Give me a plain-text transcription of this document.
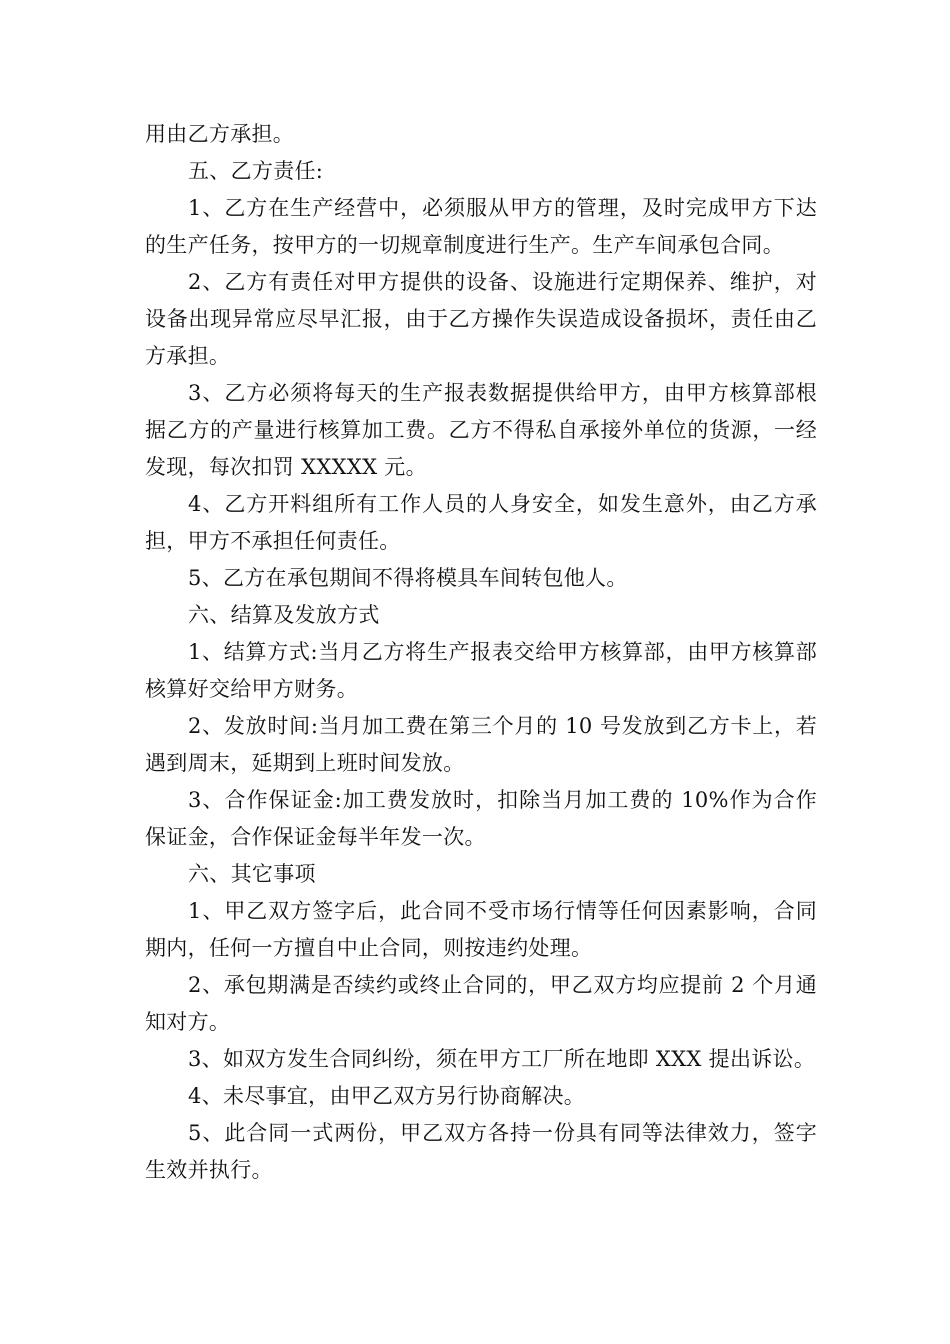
用由乙方承担。

五、乙方责任:

1、乙方在生产经营中，必须服从甲方的管理，及时完成甲方下达的生产任务，按甲方的一切规章制度进行生产。生产车间承包合同。

2、乙方有责任对甲方提供的设备、设施进行定期保养、维护，对设备出现异常应尽早汇报，由于乙方操作失误造成设备损坏，责任由乙方承担。

3、乙方必须将每天的生产报表数据提供给甲方，由甲方核算部根据乙方的产量进行核算加工费。乙方不得私自承接外单位的货源，一经发现，每次扣罚 XXXXX 元。

4、乙方开料组所有工作人员的人身安全，如发生意外，由乙方承担，甲方不承担任何责任。

5、乙方在承包期间不得将模具车间转包他人。

六、结算及发放方式

1、结算方式:当月乙方将生产报表交给甲方核算部，由甲方核算部核算好交给甲方财务。

2、发放时间:当月加工费在第三个月的 10 号发放到乙方卡上，若遇到周末，延期到上班时间发放。

3、合作保证金:加工费发放时，扣除当月加工费的 10%作为合作保证金，合作保证金每半年发一次。

六、其它事项

1、甲乙双方签字后，此合同不受市场行情等任何因素影响，合同期内，任何一方擅自中止合同，则按违约处理。

2、承包期满是否续约或终止合同的，甲乙双方均应提前 2 个月通知对方。

3、如双方发生合同纠纷，须在甲方工厂所在地即 XXX 提出诉讼。

4、未尽事宜，由甲乙双方另行协商解决。

5、此合同一式两份，甲乙双方各持一份具有同等法律效力，签字生效并执行。
